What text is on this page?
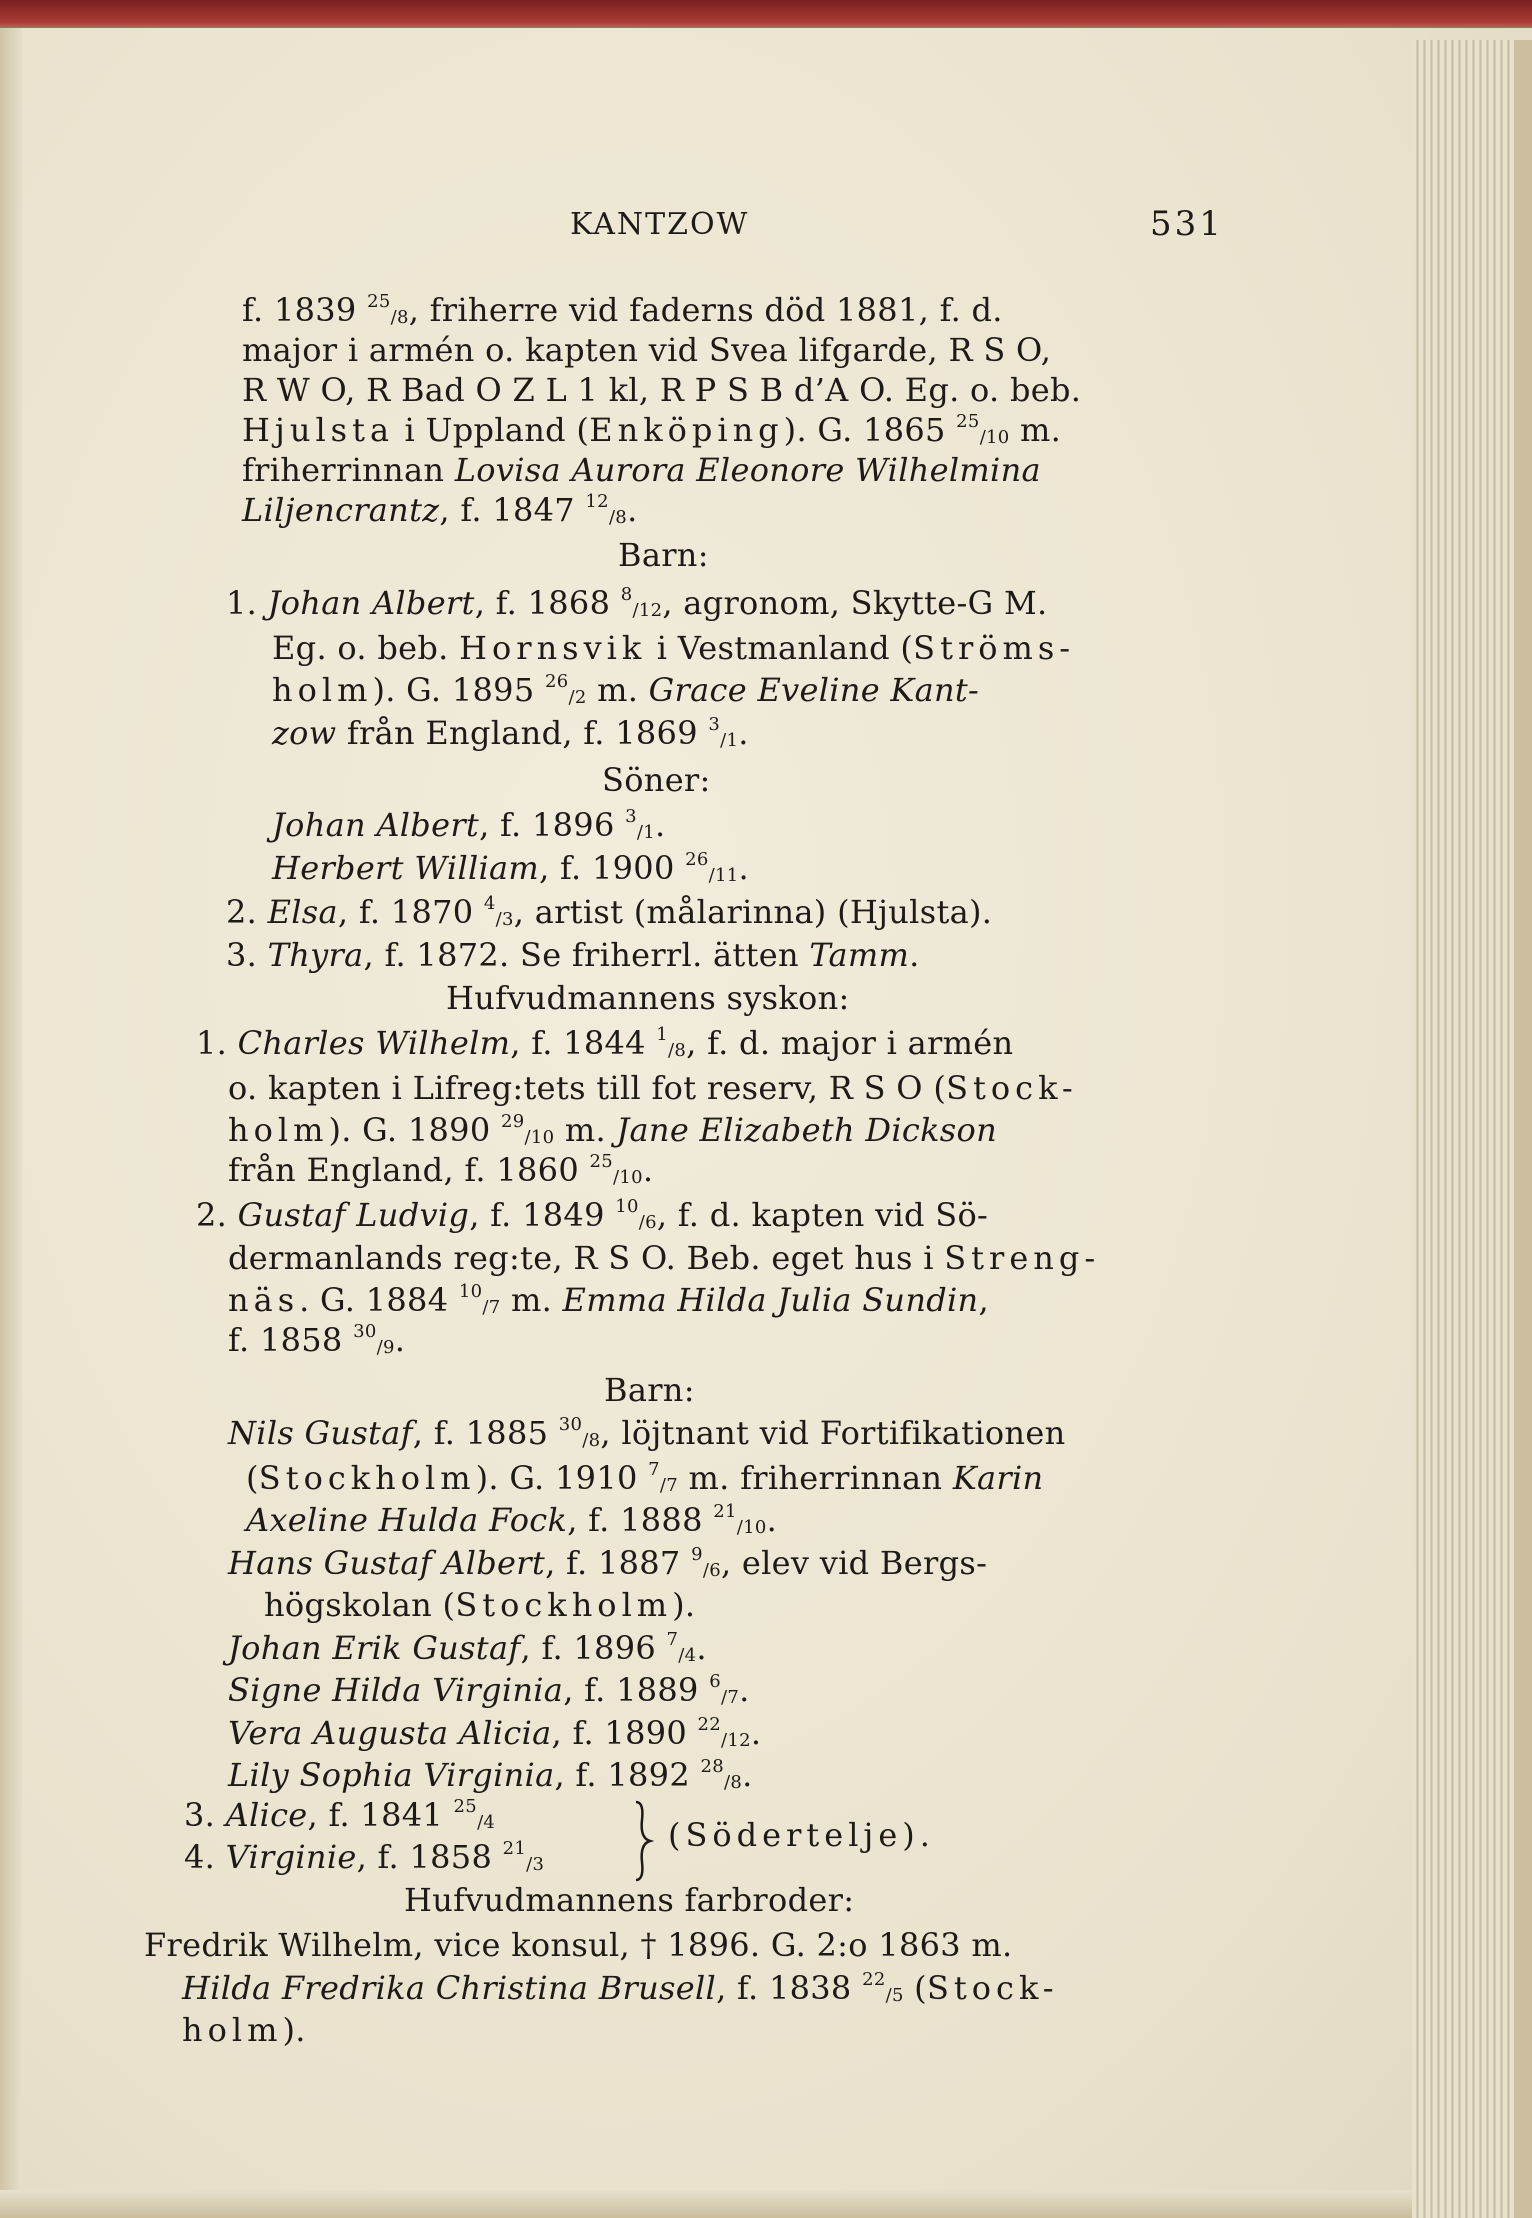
KANTZOW	531
f. 1839 $^{25}_{/8}$, friherre vid faderns död 1881, f. d.
major i armén o. kapten vid Svea lifgarde, R S O,
R W O, R Bad O Z L 1 kl, R P S B d’A O. Eg. o. beb.
Hjulsta i Uppland (Enköping). G. 1865 $^{25}_{/10}$ m.
friherrinnan Lovisa Aurora Eleonore Wilhelmina
Liljencrantz, f. 1847 $^{12}_{/8}$.
Barn:
1. Johan Albert, f. 1868 $^8_{/12}$, agronom, Skytte-G M.
Eg. o. beb. Hornsvik i Vestmanland (Ströms-
holm). G. 1895 $^{26}_{/2}$ m. Grace Eveline Kant-
zow från England, f. 1869 $^3_{/1}$.
Söner:
Johan Albert, f. 1896 $^3_{/1}$.
Herbert William, f. 1900 $^{26}_{/11}$.
2. Elsa, f. 1870 $^4_{/3}$, artist (målarinna) (Hjulsta).
3. Thyra, f. 1872. Se friherrl. ätten Tamm.
Hufvudmannens syskon:
1. Charles Wilhelm, f. 1844 $^1_{/8}$, f. d. major i armén
o. kapten i Lifreg:tets till fot reserv, R S O (Stock-
holm). G. 1890 $^{29}_{/10}$ m. Jane Elizabeth Dickson
från England, f. 1860 $^{25}_{/10}$.
2. Gustaf Ludvig, f. 1849 $^{10}_{/6}$, f. d. kapten vid Sö-
dermanlands reg:te, R S O. Beb. eget hus i Streng-
näs. G. 1884 $^{10}_{/7}$ m. Emma Hilda Julia Sundin,
f. 1858 $^{30}_{/9}$.
Barn:
Nils Gustaf, f. 1885 $^{30}_{/8}$, löjtnant vid Fortifikationen
(Stockholm). G. 1910 $^7_{/7}$ m. friherrinnan Karin
Axeline Hulda Fock, f. 1888 $^{21}_{/10}$.
Hans Gustaf Albert, f. 1887 $^9_{/6}$, elev vid Bergs-
högskolan (Stockholm).
Johan Erik Gustaf, f. 1896 $^7_{/4}$.
Signe Hilda Virginia, f. 1889 $^6_{/7}$.
Vera Augusta Alicia, f. 1890 $^{22}_{/12}$.
Lily Sophia Virginia, f. 1892 $^{28}_{/8}$.
3. Alice, f. 1841 $^{25}_{/4}$
4. Virginie, f. 1858 $^{21}_{/3}$
(Södertelje).
Hufvudmannens farbroder:
Fredrik Wilhelm, vice konsul, † 1896. G. 2:o 1863 m.
Hilda Fredrika Christina Brusell, f. 1838 $^{22}_{/5}$ (Stock-
holm).
